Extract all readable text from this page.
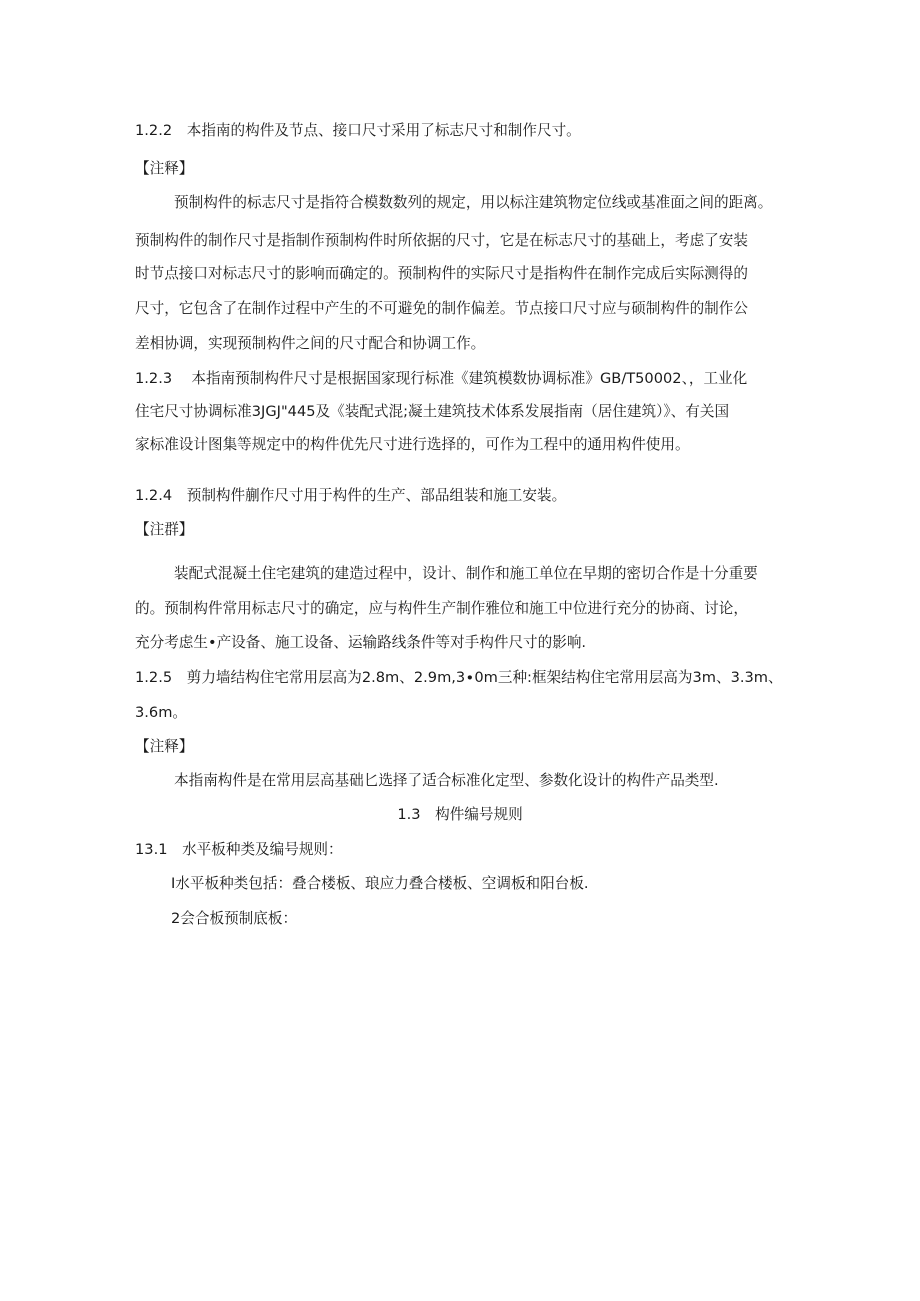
1.2.2　本指南的构件及节点、接口尺寸采用了标志尺寸和制作尺寸。
【注释】
预制构件的标志尺寸是指符合模数数列的规定，用以标注建筑物定位线或基准面之间的距离。
预制构件的制作尺寸是指制作预制构件时所依据的尺寸，它是在标志尺寸的基础上，考虑了安装
时节点接口对标志尺寸的影响而确定的。预制构件的实际尺寸是指构件在制作完成后实际测得的
尺寸，它包含了在制作过程中产生的不可避免的制作偏差。节点接口尺寸应与硕制构件的制作公
差相协调，实现预制构件之间的尺寸配合和协调工作。
1.2.3　 本指南预制构件尺寸是根据国家现行标准《建筑模数协调标准》GB/T50002、，工业化
住宅尺寸协调标准3JGJ"445及《装配式混;凝土建筑技术体系发展指南（居住建筑）》、有关国
家标准设计图集等规定中的构件优先尺寸进行选择的，可作为工程中的通用构件使用。
1.2.4　预制构件蒯作尺寸用于构件的生产、部品组装和施工安装。
【注群】
装配式混凝土住宅建筑的建造过程中，设计、制作和施工单位在早期的密切合作是十分重要
的。预制构件常用标志尺寸的确定，应与构件生产制作雅位和施工中位进行充分的协商、讨论，
充分考虑生•产设备、施工设备、运输路线条件等对手构件尺寸的影响.
1.2.5　剪力墙结构住宅常用层高为2.8m、2.9m,3∙0m三种:框架结构住宅常用层高为3m、3.3m、
3.6m。
【注释】
本指南构件是在常用层高基础匕选择了适合标准化定型、参数化设计的构件产品类型.
1.3　构件编号规则
13.1　水平板种类及编号规则：
I水平板种类包括：叠合楼板、琅应力叠合楼板、空调板和阳台板.
2会合板预制底板：
